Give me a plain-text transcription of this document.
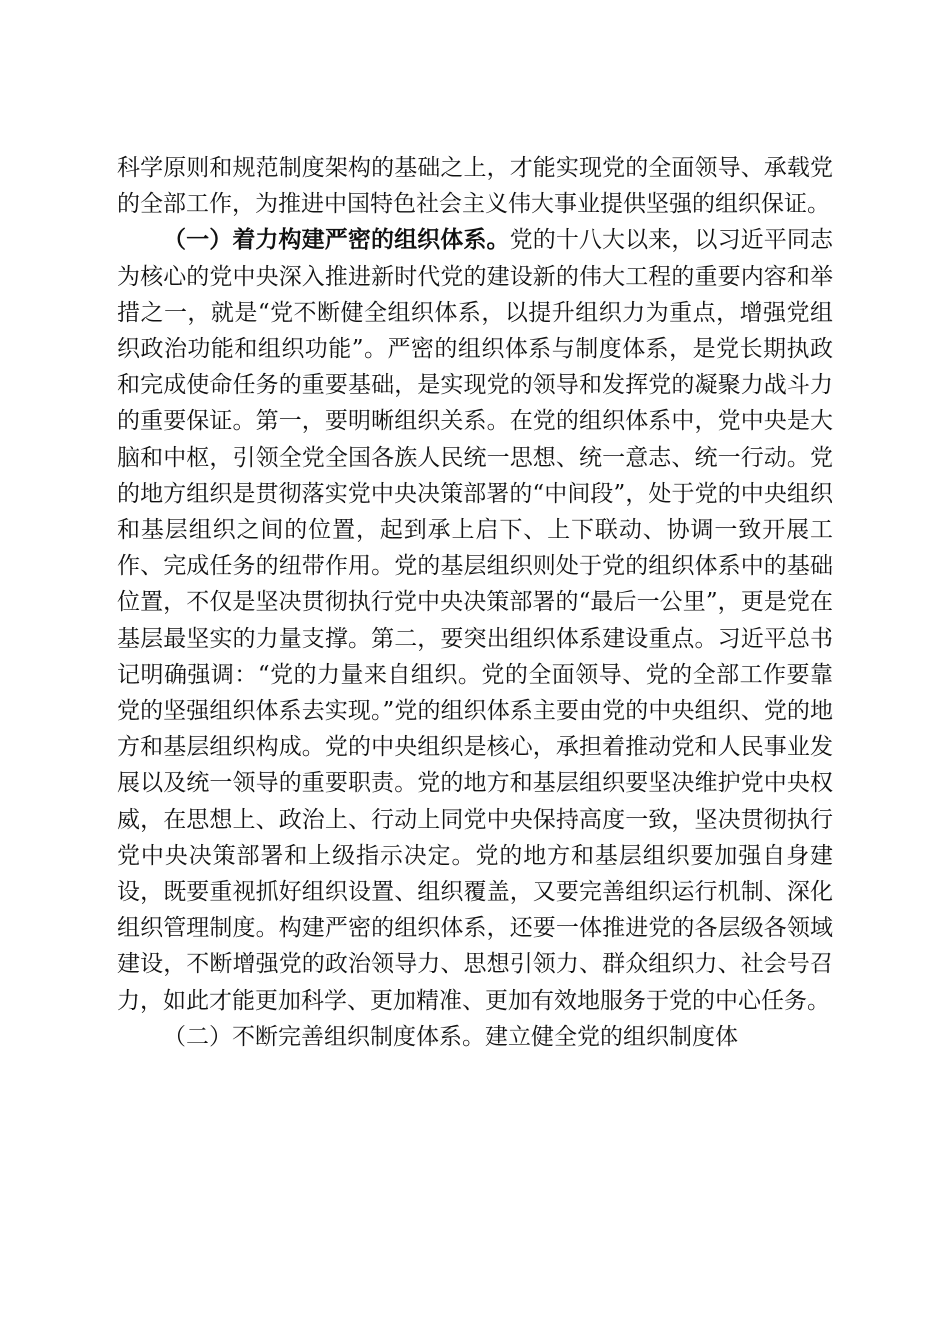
科学原则和规范制度架构的基础之上，才能实现党的全面领导、承载党的全部工作，为推进中国特色社会主义伟大事业提供坚强的组织保证。

（一）着力构建严密的组织体系。党的十八大以来，以习近平同志为核心的党中央深入推进新时代党的建设新的伟大工程的重要内容和举措之一，就是“党不断健全组织体系，以提升组织力为重点，增强党组织政治功能和组织功能”。严密的组织体系与制度体系，是党长期执政和完成使命任务的重要基础，是实现党的领导和发挥党的凝聚力战斗力的重要保证。第一，要明晰组织关系。在党的组织体系中，党中央是大脑和中枢，引领全党全国各族人民统一思想、统一意志、统一行动。党的地方组织是贯彻落实党中央决策部署的“中间段”，处于党的中央组织和基层组织之间的位置，起到承上启下、上下联动、协调一致开展工作、完成任务的纽带作用。党的基层组织则处于党的组织体系中的基础位置，不仅是坚决贯彻执行党中央决策部署的“最后一公里”，更是党在基层最坚实的力量支撑。第二，要突出组织体系建设重点。习近平总书记明确强调：“党的力量来自组织。党的全面领导、党的全部工作要靠党的坚强组织体系去实现。”党的组织体系主要由党的中央组织、党的地方和基层组织构成。党的中央组织是核心，承担着推动党和人民事业发展以及统一领导的重要职责。党的地方和基层组织要坚决维护党中央权威，在思想上、政治上、行动上同党中央保持高度一致，坚决贯彻执行党中央决策部署和上级指示决定。党的地方和基层组织要加强自身建设，既要重视抓好组织设置、组织覆盖，又要完善组织运行机制、深化组织管理制度。构建严密的组织体系，还要一体推进党的各层级各领域建设，不断增强党的政治领导力、思想引领力、群众组织力、社会号召力，如此才能更加科学、更加精准、更加有效地服务于党的中心任务。

（二）不断完善组织制度体系。建立健全党的组织制度体
